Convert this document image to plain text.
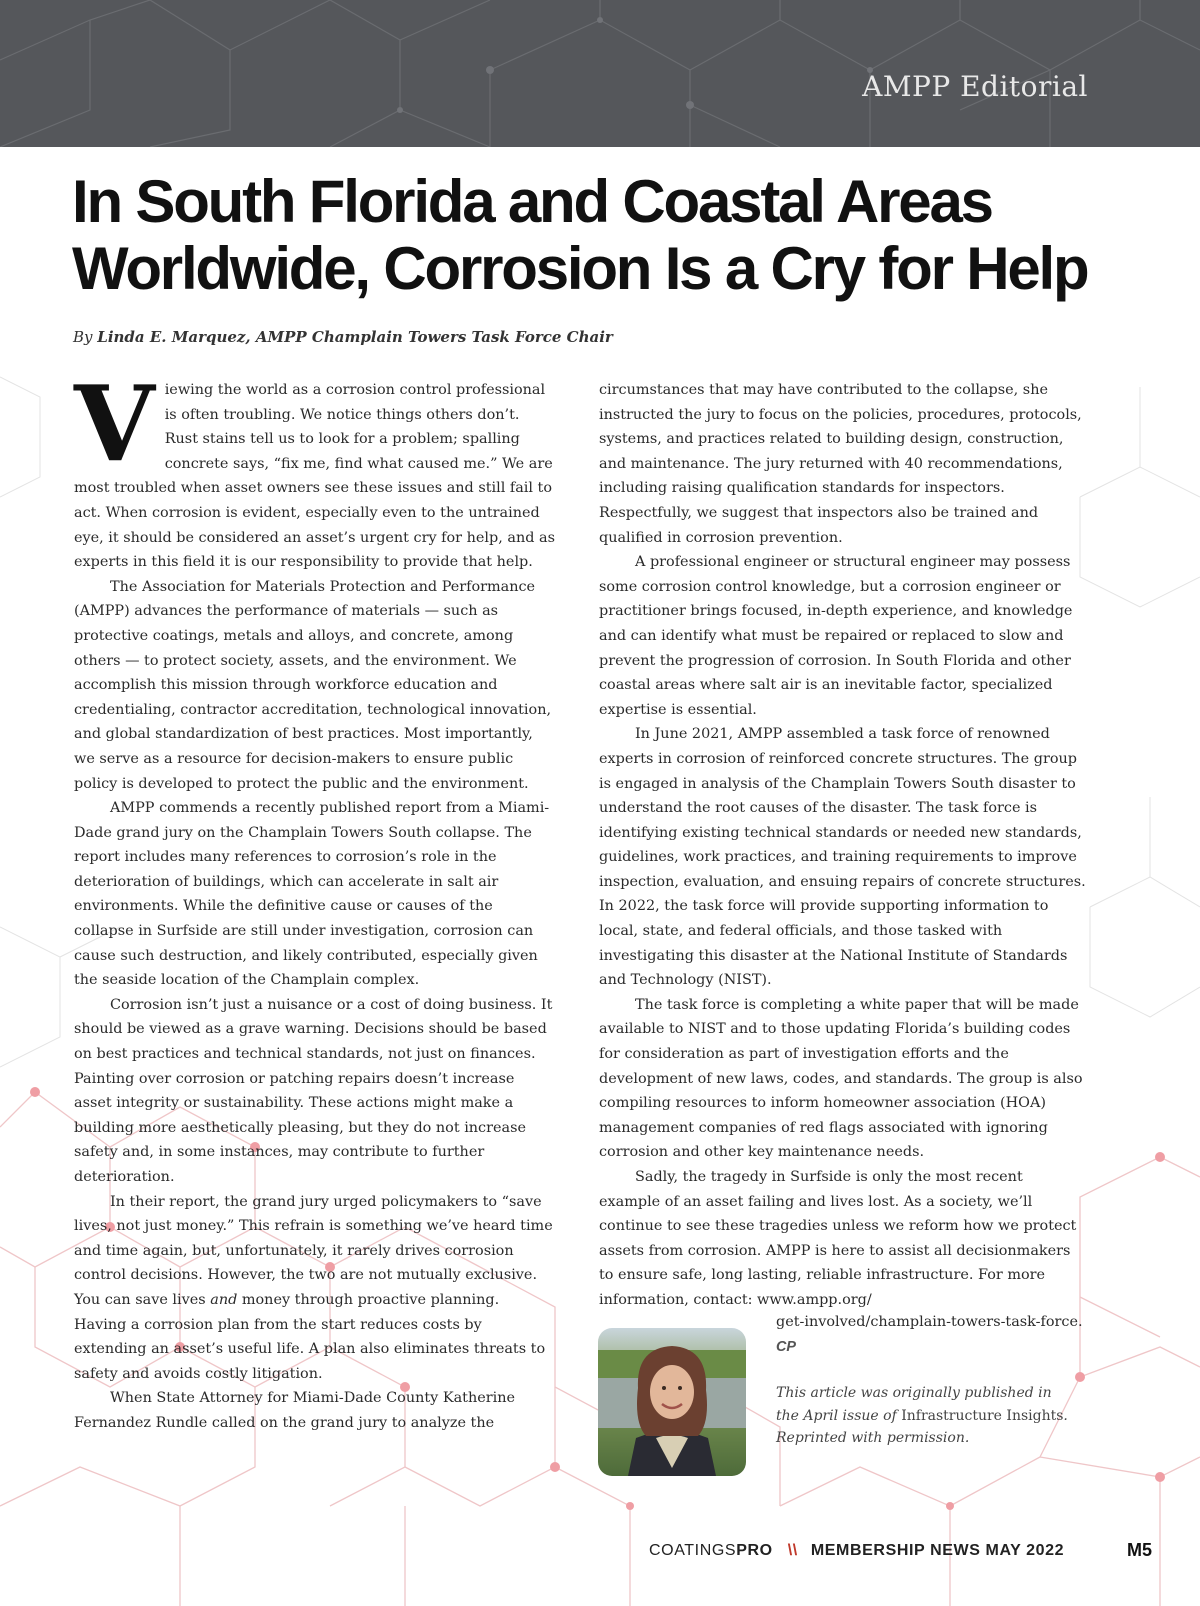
AMPP Editorial
In South Florida and Coastal Areas Worldwide, Corrosion Is a Cry for Help
By Linda E. Marquez, AMPP Champlain Towers Task Force Chair

Viewing the world as a corrosion control professional is often troubling. We notice things others don’t. Rust stains tell us to look for a problem; spalling concrete says, “fix me, find what caused me.” We are most troubled when asset owners see these issues and still fail to act. When corrosion is evident, especially even to the untrained eye, it should be considered an asset’s urgent cry for help, and as experts in this field it is our responsibility to provide that help.

The Association for Materials Protection and Performance (AMPP) advances the performance of materials — such as protective coatings, metals and alloys, and concrete, among others — to protect society, assets, and the environment. We accomplish this mission through workforce education and credentialing, contractor accreditation, technological innovation, and global standardization of best practices. Most importantly, we serve as a resource for decision-makers to ensure public policy is developed to protect the public and the environment.

AMPP commends a recently published report from a Miami-Dade grand jury on the Champlain Towers South collapse. The report includes many references to corrosion’s role in the deterioration of buildings, which can accelerate in salt air environments. While the definitive cause or causes of the collapse in Surfside are still under investigation, corrosion can cause such destruction, and likely contributed, especially given the seaside location of the Champlain complex.

Corrosion isn’t just a nuisance or a cost of doing business. It should be viewed as a grave warning. Decisions should be based on best practices and technical standards, not just on finances. Painting over corrosion or patching repairs doesn’t increase asset integrity or sustainability. These actions might make a building more aesthetically pleasing, but they do not increase safety and, in some instances, may contribute to further deterioration.

In their report, the grand jury urged policymakers to “save lives, not just money.” This refrain is something we’ve heard time and time again, but, unfortunately, it rarely drives corrosion control decisions. However, the two are not mutually exclusive. You can save lives and money through proactive planning. Having a corrosion plan from the start reduces costs by extending an asset’s useful life. A plan also eliminates threats to safety and avoids costly litigation.

When State Attorney for Miami-Dade County Katherine Fernandez Rundle called on the grand jury to analyze the

circumstances that may have contributed to the collapse, she instructed the jury to focus on the policies, procedures, protocols, systems, and practices related to building design, construction, and maintenance. The jury returned with 40 recommendations, including raising qualification standards for inspectors. Respectfully, we suggest that inspectors also be trained and qualified in corrosion prevention.

A professional engineer or structural engineer may possess some corrosion control knowledge, but a corrosion engineer or practitioner brings focused, in-depth experience, and knowledge and can identify what must be repaired or replaced to slow and prevent the progression of corrosion. In South Florida and other coastal areas where salt air is an inevitable factor, specialized expertise is essential.

In June 2021, AMPP assembled a task force of renowned experts in corrosion of reinforced concrete structures. The group is engaged in analysis of the Champlain Towers South disaster to understand the root causes of the disaster. The task force is identifying existing technical standards or needed new standards, guidelines, work practices, and training requirements to improve inspection, evaluation, and ensuing repairs of concrete structures. In 2022, the task force will provide supporting information to local, state, and federal officials, and those tasked with investigating this disaster at the National Institute of Standards and Technology (NIST).

The task force is completing a white paper that will be made available to NIST and to those updating Florida’s building codes for consideration as part of investigation efforts and the development of new laws, codes, and standards. The group is also compiling resources to inform homeowner association (HOA) management companies of red flags associated with ignoring corrosion and other key maintenance needs.

Sadly, the tragedy in Surfside is only the most recent example of an asset failing and lives lost. As a society, we’ll continue to see these tragedies unless we reform how we protect assets from corrosion. AMPP is here to assist all decisionmakers to ensure safe, long lasting, reliable infrastructure. For more information, contact: www.ampp.org/

get-involved/champlain-towers-task-force. CP
This article was originally published in the April issue of Infrastructure Insights. Reprinted with permission.
COATINGSPRO \\ MEMBERSHIP NEWS MAY 2022	M5
